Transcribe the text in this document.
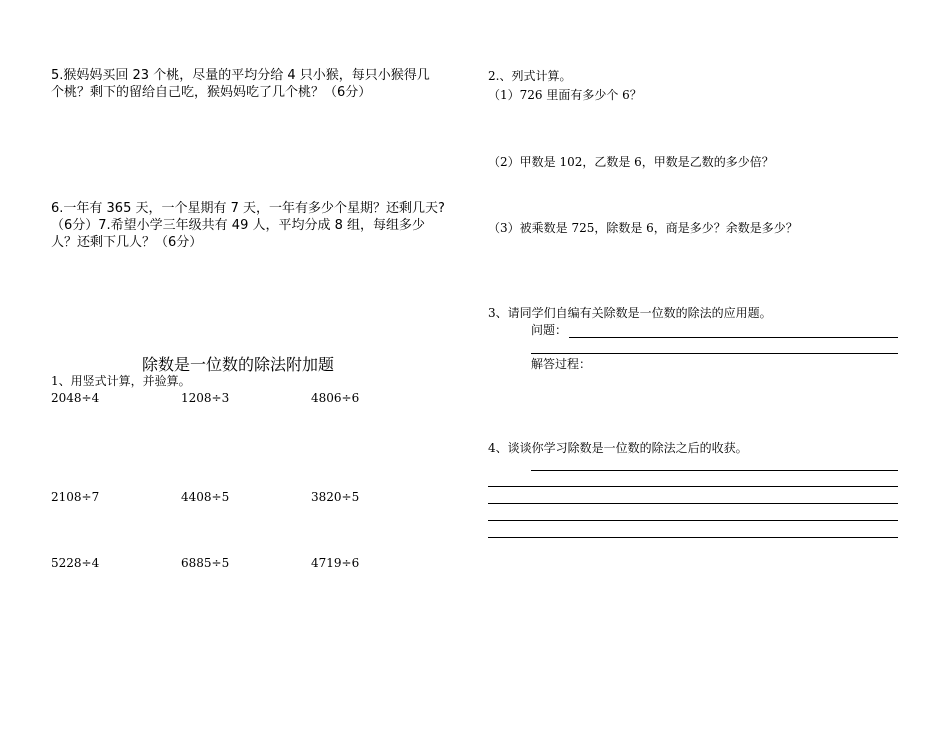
5.猴妈妈买回 23 个桃，尽量的平均分给 4 只小猴，每只小猴得几
个桃？剩下的留给自己吃，猴妈妈吃了几个桃？（6分）
6.一年有 365 天，一个星期有 7 天，一年有多少个星期？还剩几天?
（6分）7.希望小学三年级共有 49 人，平均分成 8 组，每组多少
人？还剩下几人？（6分）
除数是一位数的除法附加题
1、用竖式计算，并验算。
2048÷4	1208÷3	4806÷6
2108÷7	4408÷5	3820÷5
5228÷4	6885÷5	4719÷6
2.、列式计算。
（1）726 里面有多少个 6？
（2）甲数是 102，乙数是 6，甲数是乙数的多少倍？
（3）被乘数是 725，除数是 6，商是多少？余数是多少？
3、请同学们自编有关除数是一位数的除法的应用题。
问题：
解答过程：
4、谈谈你学习除数是一位数的除法之后的收获。
